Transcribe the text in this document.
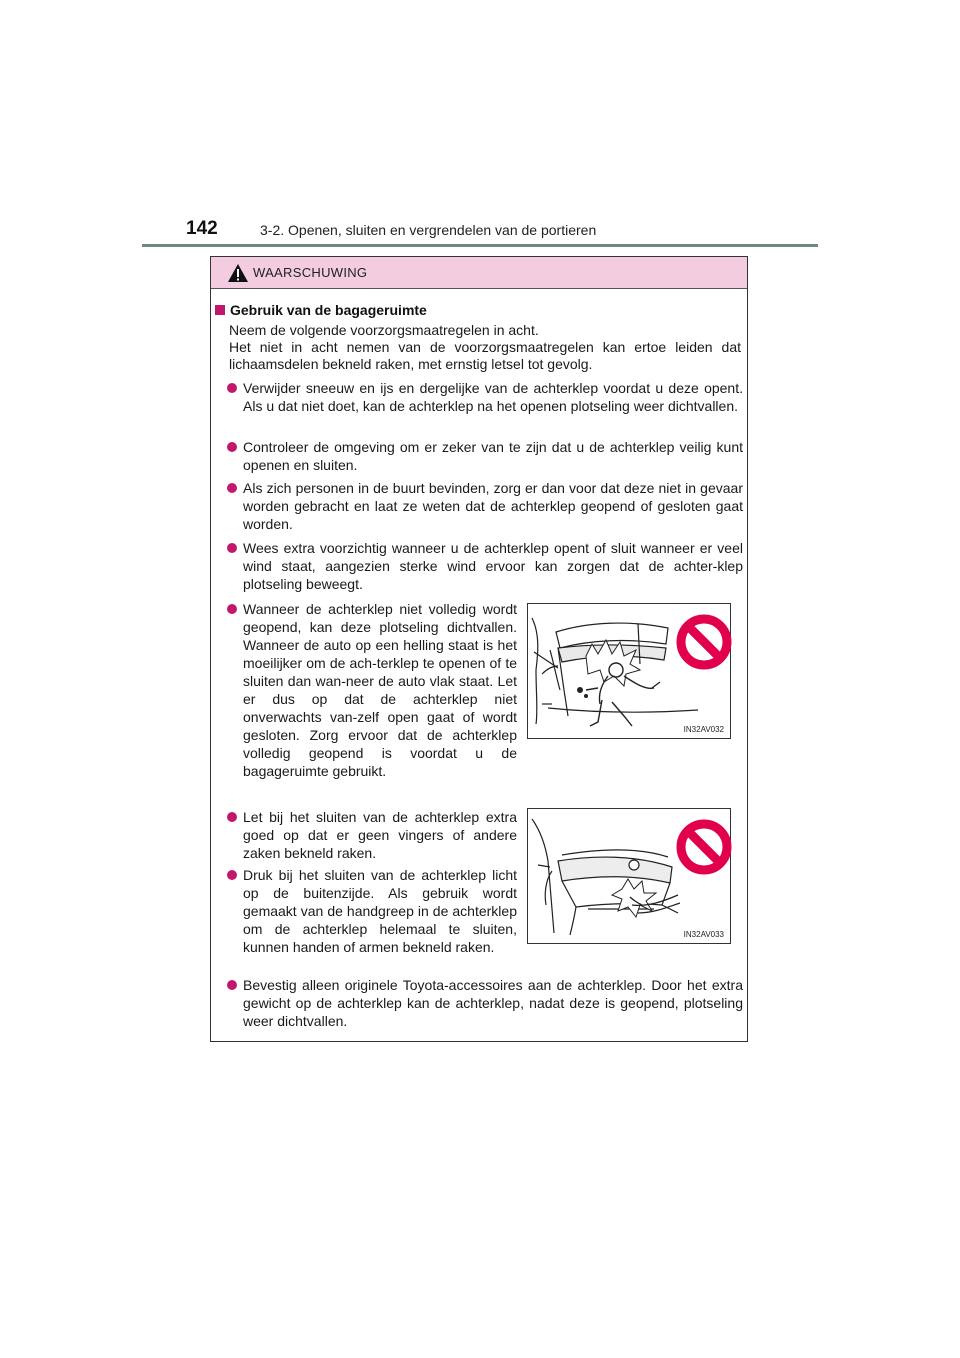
142	3-2. Openen, sluiten en vergrendelen van de portieren
WAARSCHUWING
Gebruik van de bagageruimte
Neem de volgende voorzorgsmaatregelen in acht.
Het niet in acht nemen van de voorzorgsmaatregelen kan ertoe leiden dat lichaamsdelen bekneld raken, met ernstig letsel tot gevolg.
Verwijder sneeuw en ijs en dergelijke van de achterklep voordat u deze opent. Als u dat niet doet, kan de achterklep na het openen plotseling weer dichtvallen.
Controleer de omgeving om er zeker van te zijn dat u de achterklep veilig kunt openen en sluiten.
Als zich personen in de buurt bevinden, zorg er dan voor dat deze niet in gevaar worden gebracht en laat ze weten dat de achterklep geopend of gesloten gaat worden.
Wees extra voorzichtig wanneer u de achterklep opent of sluit wanneer er veel wind staat, aangezien sterke wind ervoor kan zorgen dat de achter-klep plotseling beweegt.
Wanneer de achterklep niet volledig wordt geopend, kan deze plotseling dichtvallen. Wanneer de auto op een helling staat is het moeilijker om de ach-terklep te openen of te sluiten dan wan-neer de auto vlak staat. Let er dus op dat de achterklep niet onverwachts van-zelf open gaat of wordt gesloten. Zorg ervoor dat de achterklep volledig geopend is voordat u de bagageruimte gebruikt.
Let bij het sluiten van de achterklep extra goed op dat er geen vingers of andere zaken bekneld raken.
Druk bij het sluiten van de achterklep licht op de buitenzijde. Als gebruik wordt gemaakt van de handgreep in de achterklep om de achterklep helemaal te sluiten, kunnen handen of armen bekneld raken.
Bevestig alleen originele Toyota-accessoires aan de achterklep. Door het extra gewicht op de achterklep kan de achterklep, nadat deze is geopend, plotseling weer dichtvallen.
IN32AV032
IN32AV033
